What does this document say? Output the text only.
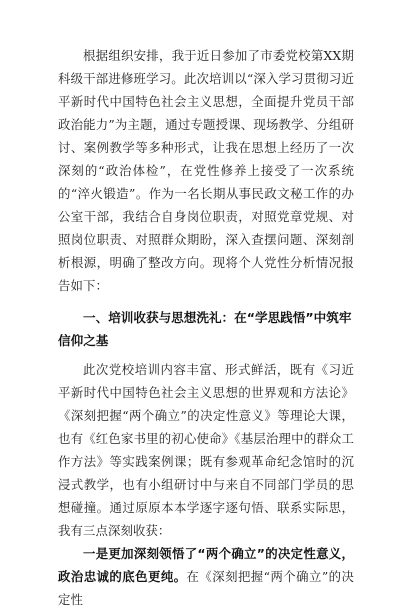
根据组织安排，我于近日参加了市委党校第XX期科级干部进修班学习。此次培训以“深入学习贯彻习近平新时代中国特色社会主义思想，全面提升党员干部政治能力”为主题，通过专题授课、现场教学、分组研讨、案例教学等多种形式，让我在思想上经历了一次深刻的“政治体检”，在党性修养上接受了一次系统的“淬火锻造”。作为一名长期从事民政文秘工作的办公室干部，我结合自身岗位职责，对照党章党规、对照岗位职责、对照群众期盼，深入查摆问题、深刻剖析根源，明确了整改方向。现将个人党性分析情况报告如下：

一、培训收获与思想洗礼：在“学思践悟”中筑牢信仰之基

此次党校培训内容丰富、形式鲜活，既有《习近平新时代中国特色社会主义思想的世界观和方法论》《深刻把握“两个确立”的决定性意义》等理论大课，也有《红色家书里的初心使命》《基层治理中的群众工作方法》等实践案例课；既有参观革命纪念馆时的沉浸式教学，也有小组研讨中与来自不同部门学员的思想碰撞。通过原原本本学逐字逐句悟、联系实际思，我有三点深刻收获：

一是更加深刻领悟了“两个确立”的决定性意义，政治忠诚的底色更纯。在《深刻把握“两个确立”的决定性
